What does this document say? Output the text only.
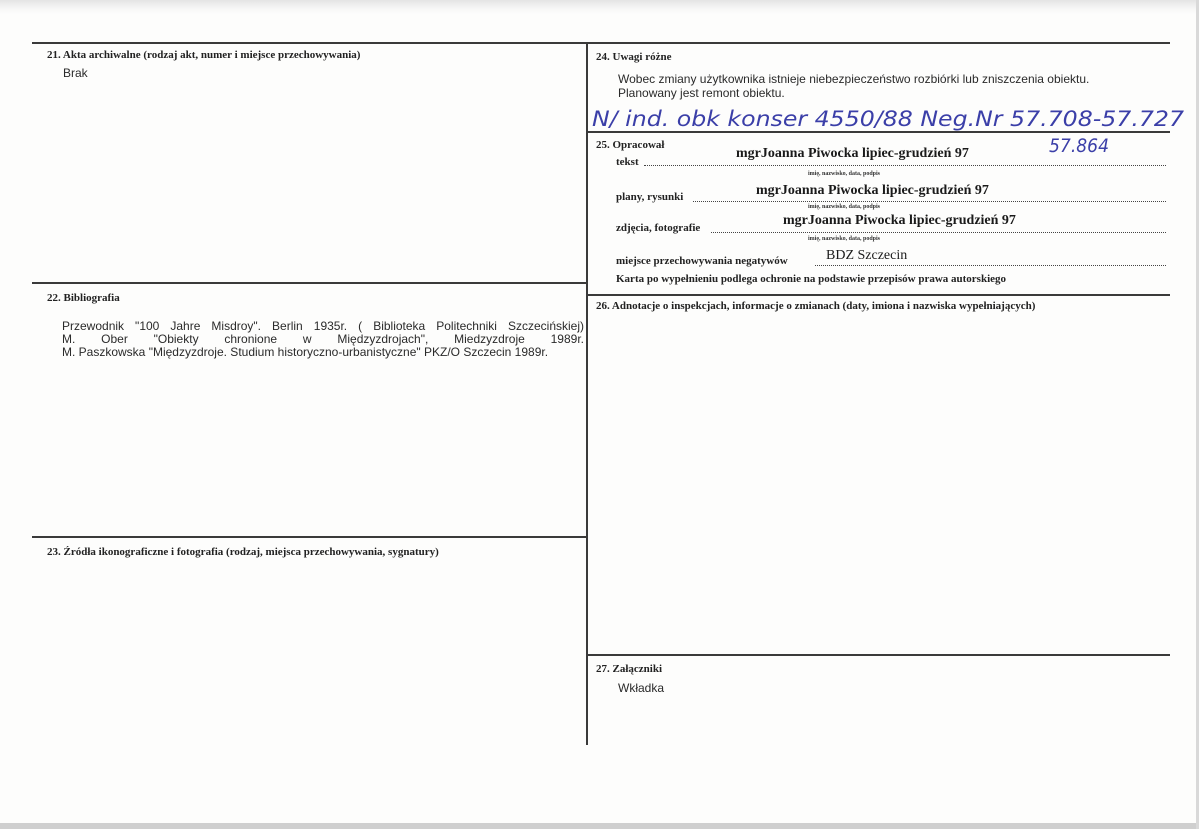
21. Akta archiwalne (rodzaj akt, numer i miejsce przechowywania)
Brak
22. Bibliografia
Przewodnik "100 Jahre Misdroy". Berlin 1935r. ( Biblioteka Politechniki Szczecińskiej)
M. Ober "Obiekty chronione w Międzyzdrojach", Miedzyzdroje 1989r.
M. Paszkowska "Międzyzdroje. Studium historyczno-urbanistyczne" PKZ/O Szczecin 1989r.
23. Źródła ikonograficzne i fotografia (rodzaj, miejsca przechowywania, sygnatury)
24. Uwagi różne
Wobec zmiany użytkownika istnieje niebezpieczeństwo rozbiórki lub zniszczenia obiektu.
Planowany jest remont obiektu.
N/ ind. obk konser 4550/88 Neg.Nr 57.708-57.727
57.864
25. Opracował
tekst
mgrJoanna Piwocka lipiec-grudzień 97
imię, nazwisko, data, podpis
plany, rysunki	mgrJoanna Piwocka lipiec-grudzień 97
imię, nazwisko, data, podpis
zdjęcia, fotografie	mgrJoanna Piwocka lipiec-grudzień 97
imię, nazwisko, data, podpis
miejsce przechowywania negatywów	BDZ Szczecin
Karta po wypełnieniu podlega ochronie na podstawie przepisów prawa autorskiego
26. Adnotacje o inspekcjach, informacje o zmianach (daty, imiona i nazwiska wypełniających)
27. Załączniki
Wkładka
